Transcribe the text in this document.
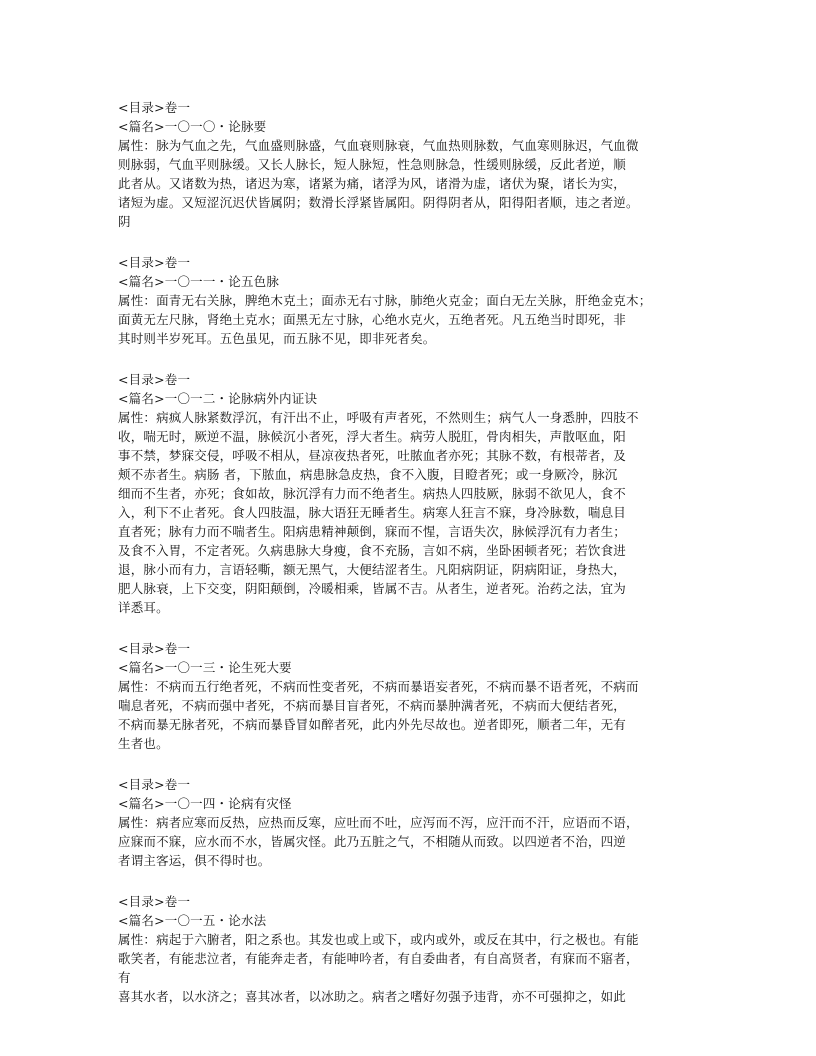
<目录>卷一
<篇名>一〇一〇・论脉要
属性：脉为气血之先，气血盛则脉盛，气血衰则脉衰，气血热则脉数，气血寒则脉迟，气血微
则脉弱，气血平则脉缓。又长人脉长，短人脉短，性急则脉急，性缓则脉缓，反此者逆，顺
此者从。又诸数为热，诸迟为寒，诸紧为痛，诸浮为风，诸滑为虚，诸伏为聚，诸长为实，
诸短为虚。又短涩沉迟伏皆属阴；数滑长浮紧皆属阳。阴得阴者从，阳得阳者顺，违之者逆。
阴
<目录>卷一
<篇名>一〇一一・论五色脉
属性：面青无右关脉，脾绝木克土；面赤无右寸脉，肺绝火克金；面白无左关脉，肝绝金克木；
面黄无左尺脉，肾绝土克水；面黑无左寸脉，心绝水克火，五绝者死。凡五绝当时即死，非
其时则半岁死耳。五色虽见，而五脉不见，即非死者矣。
<目录>卷一
<篇名>一〇一二・论脉病外内证诀
属性：病疯人脉紧数浮沉，有汗出不止，呼吸有声者死，不然则生；病气人一身悉肿，四肢不
收，喘无时，厥逆不温，脉候沉小者死，浮大者生。病劳人脱肛，骨肉相失，声散呕血，阳
事不禁，梦寐交侵，呼吸不相从，昼凉夜热者死，吐脓血者亦死；其脉不数，有根蒂者，及
颊不赤者生。病肠 者，下脓血，病患脉急皮热，食不入腹，目瞪者死；或一身厥冷，脉沉
细而不生者，亦死；食如故，脉沉浮有力而不绝者生。病热人四肢厥，脉弱不欲见人，食不
入，利下不止者死。食人四肢温，脉大语狂无睡者生。病寒人狂言不寐，身冷脉数，喘息目
直者死；脉有力而不喘者生。阳病患精神颠倒，寐而不惺，言语失次，脉候浮沉有力者生；
及食不入胃，不定者死。久病患脉大身瘦，食不充肠，言如不病，坐卧困顿者死；若饮食进
退，脉小而有力，言语轻嘶，额无黑气，大便结涩者生。凡阳病阴证，阴病阳证，身热大，
肥人脉衰，上下交变，阴阳颠倒，冷暖相乘，皆属不吉。从者生，逆者死。治药之法，宜为
详悉耳。
<目录>卷一
<篇名>一〇一三・论生死大要
属性：不病而五行绝者死，不病而性变者死，不病而暴语妄者死，不病而暴不语者死，不病而
喘息者死，不病而强中者死，不病而暴目盲者死，不病而暴肿满者死，不病而大便结者死，
不病而暴无脉者死，不病而暴昏冒如醉者死，此内外先尽故也。逆者即死，顺者二年，无有
生者也。
<目录>卷一
<篇名>一〇一四・论病有灾怪
属性：病者应寒而反热，应热而反寒，应吐而不吐，应泻而不泻，应汗而不汗，应语而不语，
应寐而不寐，应水而不水，皆属灾怪。此乃五脏之气，不相随从而致。以四逆者不治，四逆
者谓主客运，俱不得时也。
<目录>卷一
<篇名>一〇一五・论水法
属性：病起于六腑者，阳之系也。其发也或上或下，或内或外，或反在其中，行之极也。有能
歌笑者，有能悲泣者，有能奔走者，有能呻吟者，有自委曲者，有自高贤者，有寐而不寤者，
有
喜其水者，以水济之；喜其冰者，以冰助之。病者之嗜好勿强予违背，亦不可强抑之，如此
